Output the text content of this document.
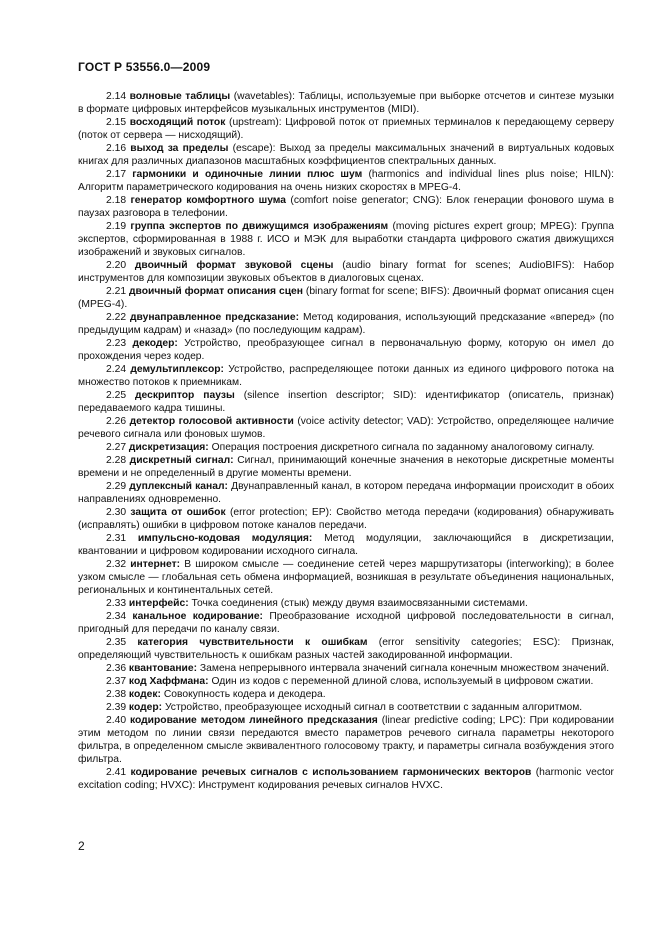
ГОСТ Р 53556.0—2009

2.14 волновые таблицы (wavetables): Таблицы, используемые при выборке отсчетов и синтезе музыки в формате цифровых интерфейсов музыкальных инструментов (MIDI).

2.15 восходящий поток (upstream): Цифровой поток от приемных терминалов к передающему серверу (поток от сервера — нисходящий).

2.16 выход за пределы (escape): Выход за пределы максимальных значений в виртуальных кодовых книгах для различных диапазонов масштабных коэффициентов спектральных данных.

2.17 гармоники и одиночные линии плюс шум (harmonics and individual lines plus noise; HILN): Алгоритм параметрического кодирования на очень низких скоростях в MPEG-4.

2.18 генератор комфортного шума (comfort noise generator; CNG): Блок генерации фонового шума в паузах разговора в телефонии.

2.19 группа экспертов по движущимся изображениям (moving pictures expert group; MPEG): Группа экспертов, сформированная в 1988 г. ИСО и МЭК для выработки стандарта цифрового сжатия движущихся изображений и звуковых сигналов.

2.20 двоичный формат звуковой сцены (audio binary format for scenes; AudioBIFS): Набор инструментов для композиции звуковых объектов в диалоговых сценах.

2.21 двоичный формат описания сцен (binary format for scene; BIFS): Двоичный формат описания сцен (MPEG-4).

2.22 двунаправленное предсказание: Метод кодирования, использующий предсказание «вперед» (по предыдущим кадрам) и «назад» (по последующим кадрам).

2.23 декодер: Устройство, преобразующее сигнал в первоначальную форму, которую он имел до прохождения через кодер.

2.24 демультиплексор: Устройство, распределяющее потоки данных из единого цифрового потока на множество потоков к приемникам.

2.25 дескриптор паузы (silence insertion descriptor; SID): идентификатор (описатель, признак) передаваемого кадра тишины.

2.26 детектор голосовой активности (voice activity detector; VAD): Устройство, определяющее наличие речевого сигнала или фоновых шумов.

2.27 дискретизация: Операция построения дискретного сигнала по заданному аналоговому сигналу.

2.28 дискретный сигнал: Сигнал, принимающий конечные значения в некоторые дискретные моменты времени и не определенный в другие моменты времени.

2.29 дуплексный канал: Двунаправленный канал, в котором передача информации происходит в обоих направлениях одновременно.

2.30 защита от ошибок (error protection; EP): Свойство метода передачи (кодирования) обнаруживать (исправлять) ошибки в цифровом потоке каналов передачи.

2.31 импульсно-кодовая модуляция: Метод модуляции, заключающийся в дискретизации, квантовании и цифровом кодировании исходного сигнала.

2.32 интернет: В широком смысле — соединение сетей через маршрутизаторы (interworking); в более узком смысле — глобальная сеть обмена информацией, возникшая в результате объединения национальных, региональных и континентальных сетей.

2.33 интерфейс: Точка соединения (стык) между двумя взаимосвязанными системами.

2.34 канальное кодирование: Преобразование исходной цифровой последовательности в сигнал, пригодный для передачи по каналу связи.

2.35 категория чувствительности к ошибкам (error sensitivity categories; ESC): Признак, определяющий чувствительность к ошибкам разных частей закодированной информации.

2.36 квантование: Замена непрерывного интервала значений сигнала конечным множеством значений.

2.37 код Хаффмана: Один из кодов с переменной длиной слова, используемый в цифровом сжатии.

2.38 кодек: Совокупность кодера и декодера.

2.39 кодер: Устройство, преобразующее исходный сигнал в соответствии с заданным алгоритмом.

2.40 кодирование методом линейного предсказания (linear predictive coding; LPC): При кодировании этим методом по линии связи передаются вместо параметров речевого сигнала параметры некоторого фильтра, в определенном смысле эквивалентного голосовому тракту, и параметры сигнала возбуждения этого фильтра.

2.41 кодирование речевых сигналов с использованием гармонических векторов (harmonic vector excitation coding; HVXC): Инструмент кодирования речевых сигналов HVXC.

2
